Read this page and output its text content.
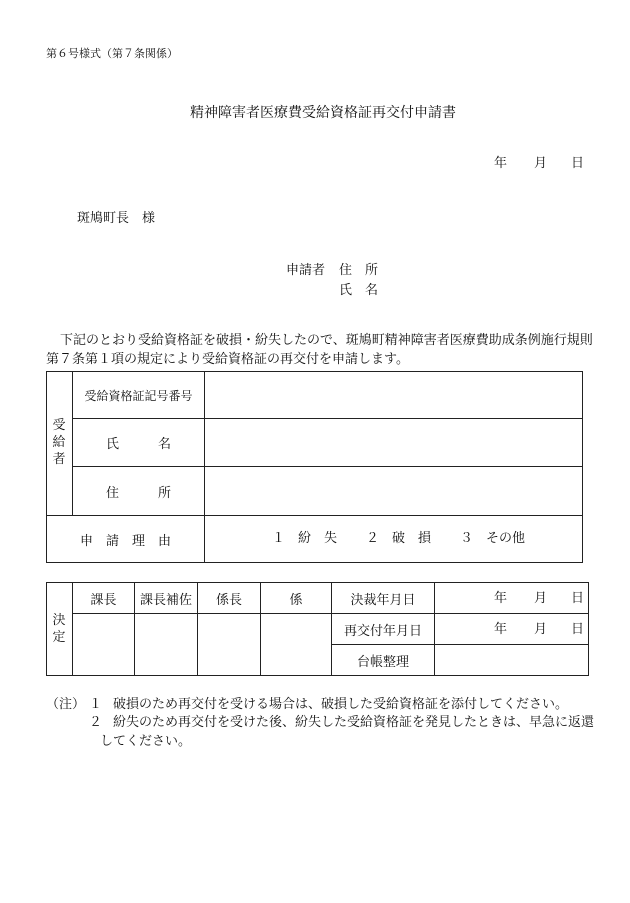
第６号様式（第７条関係）
精神障害者医療費受給資格証再交付申請書
年 月 日
斑鳩町長　様
申請者 住　所
氏　名
下記のとおり受給資格証を破損・紛失したので、斑鳩町精神障害者医療費助成条例施行規則
第７条第１項の規定により受給資格証の再交付を申請します。
受
給
者
受給資格証記号番号
氏　　　名
住　　　所
申　請　理　由	１　紛　失 ２　破　損 ３　その他
決
定
課長	課長補佐	係長	係	決裁年月日	年 月 日
再交付年月日	年 月 日
台帳整理
（注） １ 破損のため再交付を受ける場合は、破損した受給資格証を添付してください。
２ 紛失のため再交付を受けた後、紛失した受給資格証を発見したときは、早急に返還
してください。
